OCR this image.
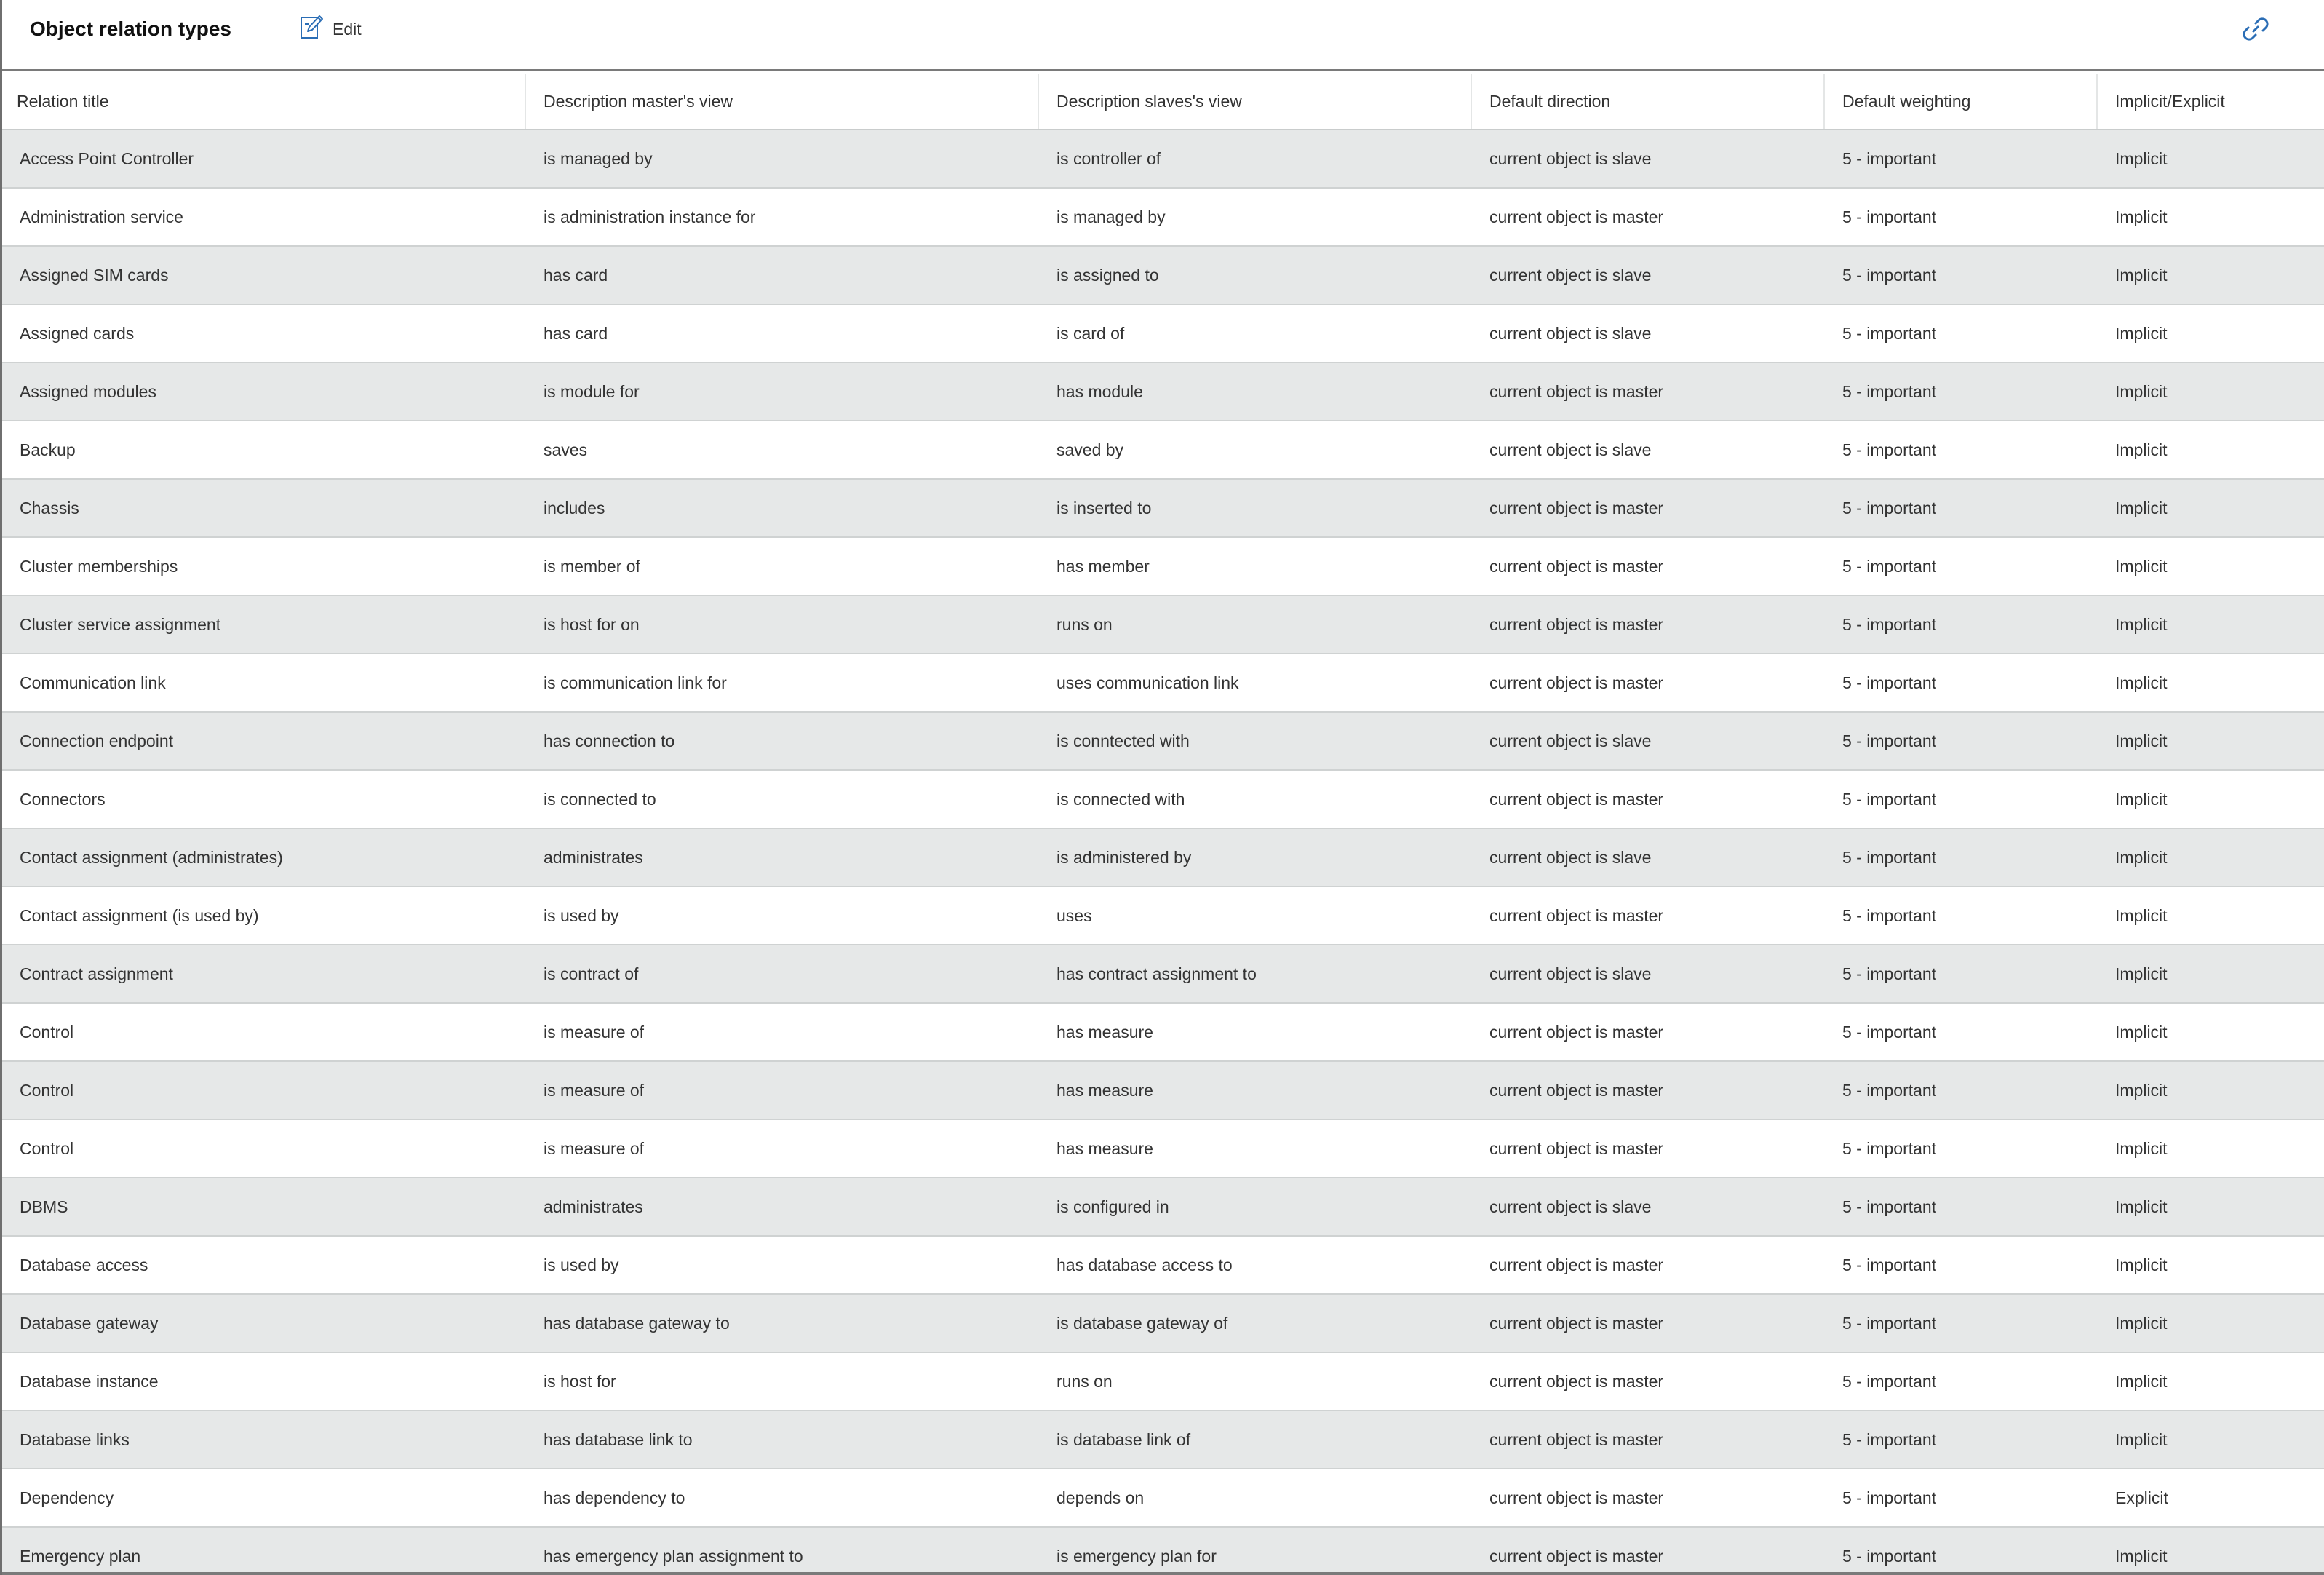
Object relation types	Edit
Relation title	Description master's view	Description slaves's view	Default direction	Default weighting	Implicit/Explicit
Access Point Controller	is managed by	is controller of	current object is slave	5 - important	Implicit
Administration service	is administration instance for	is managed by	current object is master	5 - important	Implicit
Assigned SIM cards	has card	is assigned to	current object is slave	5 - important	Implicit
Assigned cards	has card	is card of	current object is slave	5 - important	Implicit
Assigned modules	is module for	has module	current object is master	5 - important	Implicit
Backup	saves	saved by	current object is slave	5 - important	Implicit
Chassis	includes	is inserted to	current object is master	5 - important	Implicit
Cluster memberships	is member of	has member	current object is master	5 - important	Implicit
Cluster service assignment	is host for on	runs on	current object is master	5 - important	Implicit
Communication link	is communication link for	uses communication link	current object is master	5 - important	Implicit
Connection endpoint	has connection to	is conntected with	current object is slave	5 - important	Implicit
Connectors	is connected to	is connected with	current object is master	5 - important	Implicit
Contact assignment (administrates)	administrates	is administered by	current object is slave	5 - important	Implicit
Contact assignment (is used by)	is used by	uses	current object is master	5 - important	Implicit
Contract assignment	is contract of	has contract assignment to	current object is slave	5 - important	Implicit
Control	is measure of	has measure	current object is master	5 - important	Implicit
Control	is measure of	has measure	current object is master	5 - important	Implicit
Control	is measure of	has measure	current object is master	5 - important	Implicit
DBMS	administrates	is configured in	current object is slave	5 - important	Implicit
Database access	is used by	has database access to	current object is master	5 - important	Implicit
Database gateway	has database gateway to	is database gateway of	current object is master	5 - important	Implicit
Database instance	is host for	runs on	current object is master	5 - important	Implicit
Database links	has database link to	is database link of	current object is master	5 - important	Implicit
Dependency	has dependency to	depends on	current object is master	5 - important	Explicit
Emergency plan	has emergency plan assignment to	is emergency plan for	current object is master	5 - important	Implicit
